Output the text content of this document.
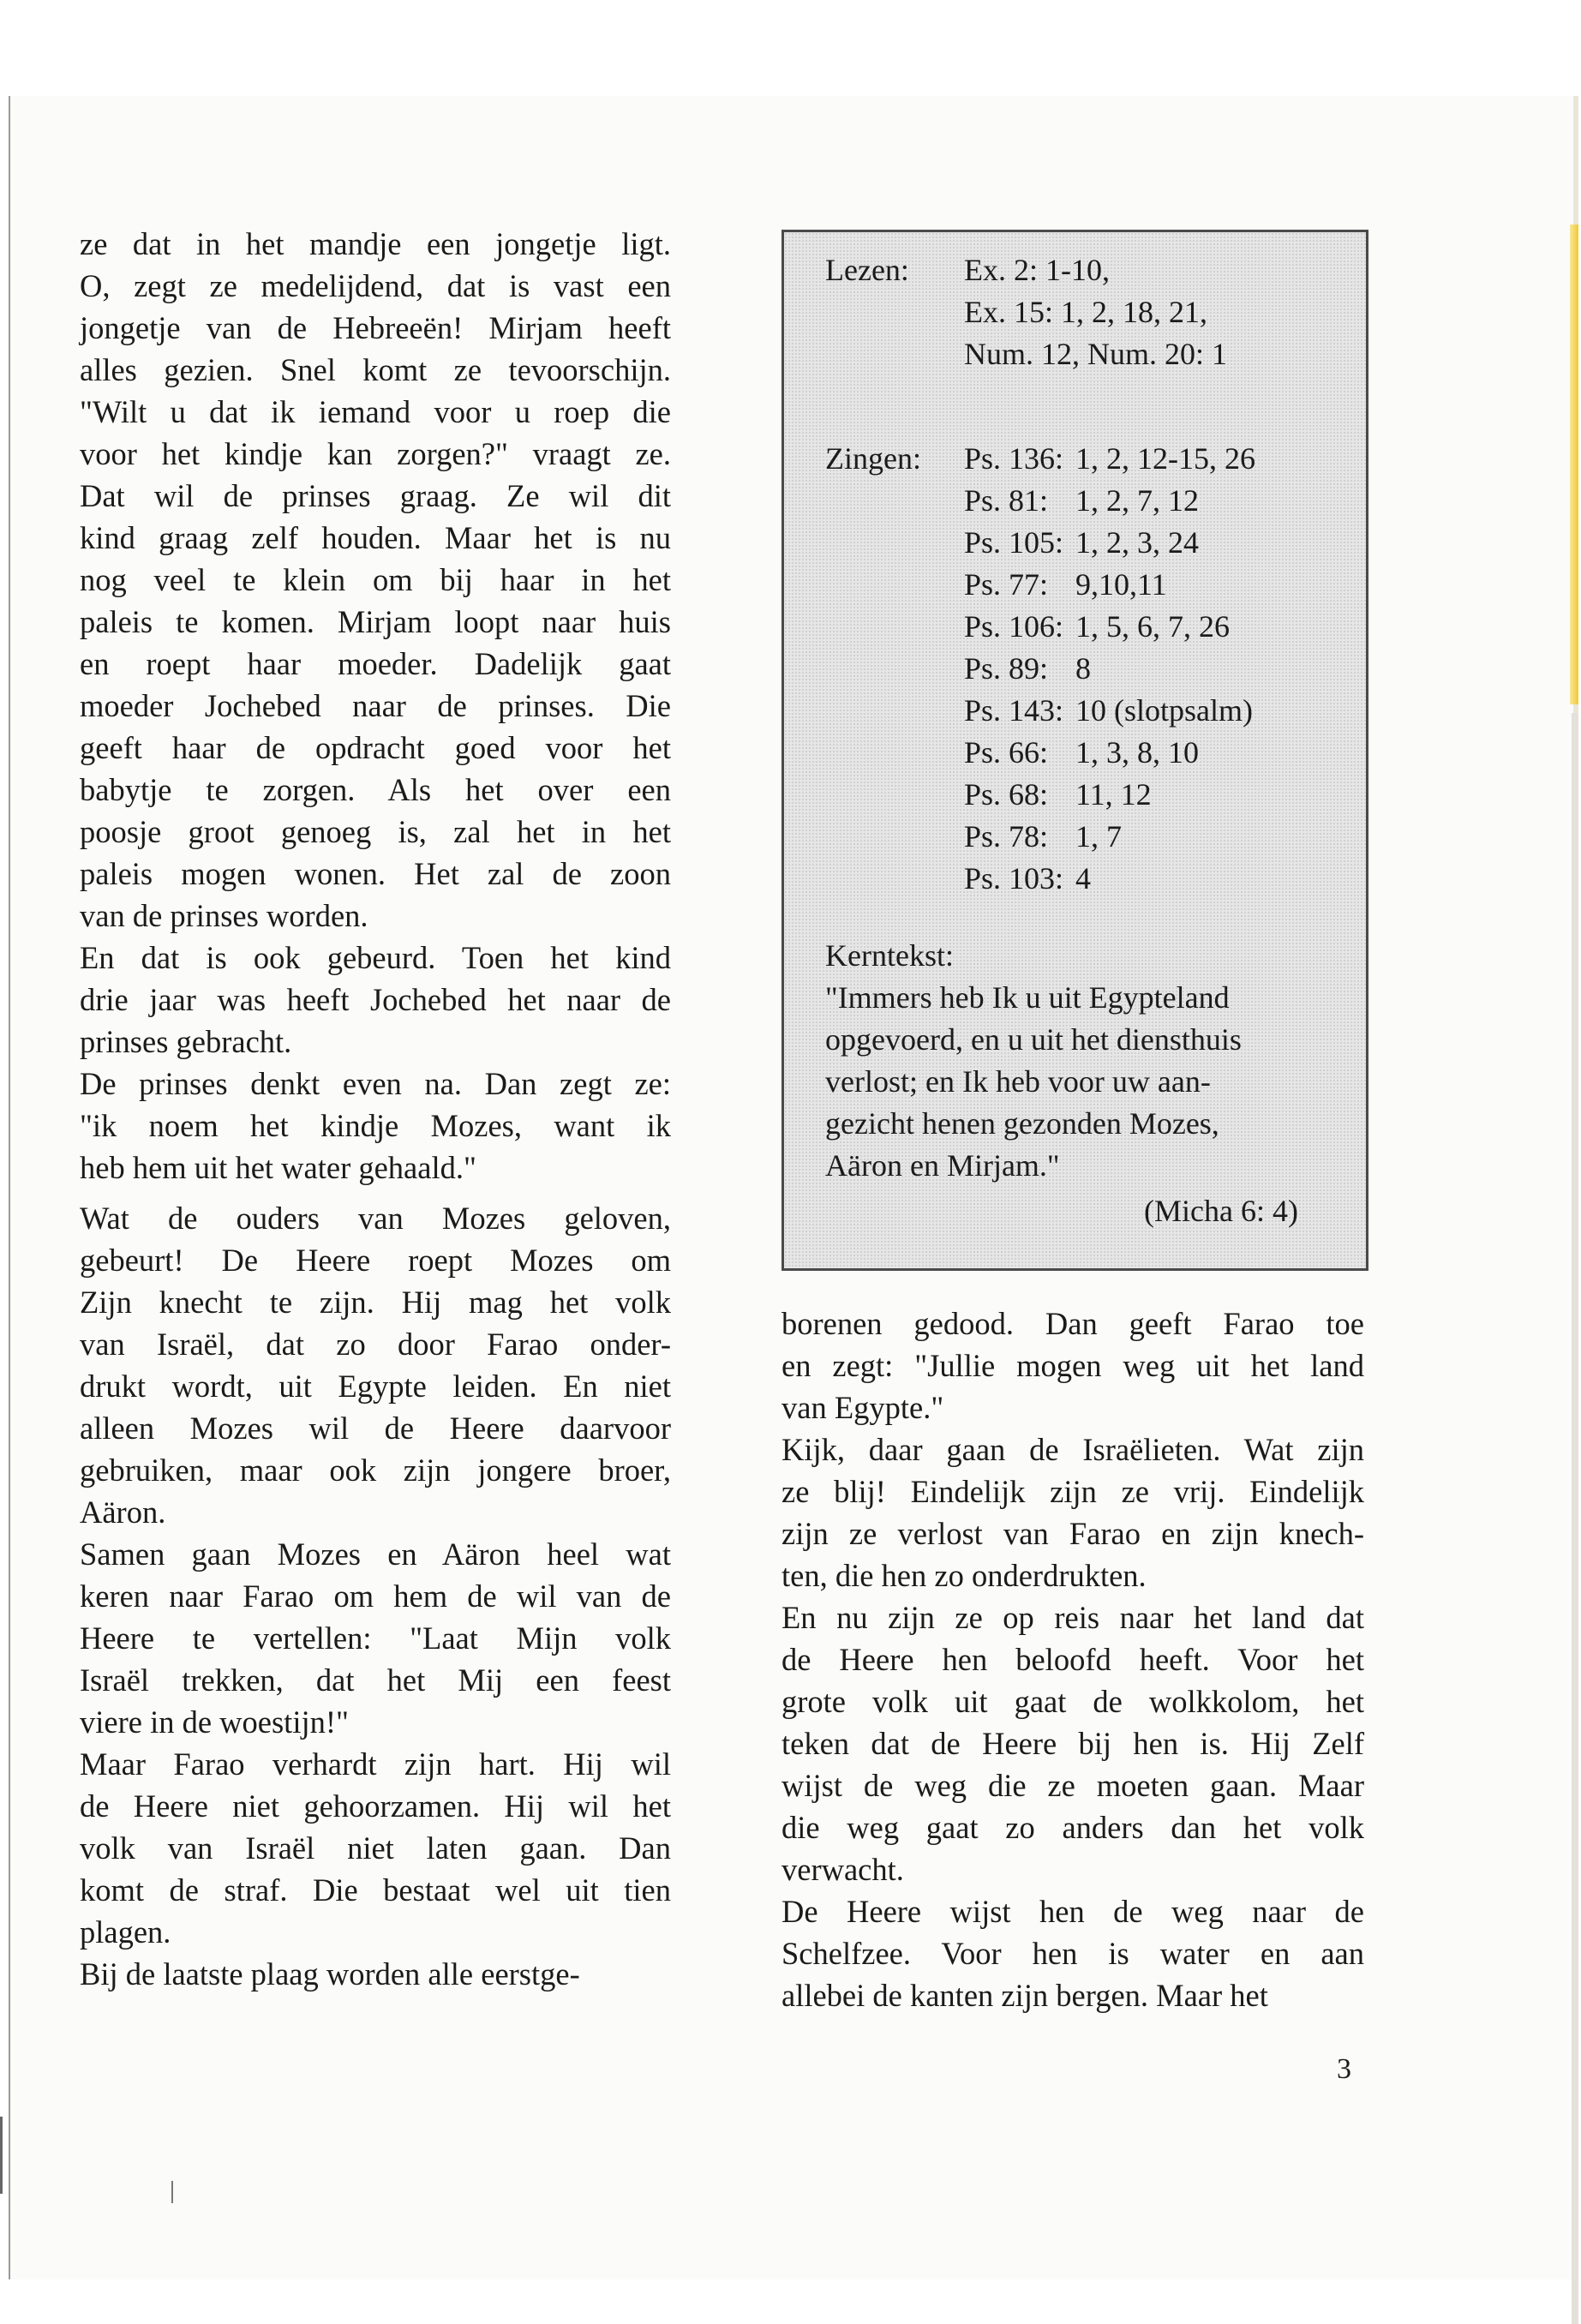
ze dat in het mandje een jongetje ligt.
O, zegt ze medelijdend, dat is vast een
jongetje van de Hebreeën! Mirjam heeft
alles gezien. Snel komt ze tevoorschijn.
"Wilt u dat ik iemand voor u roep die
voor het kindje kan zorgen?" vraagt ze.
Dat wil de prinses graag. Ze wil dit
kind graag zelf houden. Maar het is nu
nog veel te klein om bij haar in het
paleis te komen. Mirjam loopt naar huis
en roept haar moeder. Dadelijk gaat
moeder Jochebed naar de prinses. Die
geeft haar de opdracht goed voor het
babytje te zorgen. Als het over een
poosje groot genoeg is, zal het in het
paleis mogen wonen. Het zal de zoon
van de prinses worden.
En dat is ook gebeurd. Toen het kind
drie jaar was heeft Jochebed het naar de
prinses gebracht.
De prinses denkt even na. Dan zegt ze:
"ik noem het kindje Mozes, want ik
heb hem uit het water gehaald."
Wat de ouders van Mozes geloven,
gebeurt! De Heere roept Mozes om
Zijn knecht te zijn. Hij mag het volk
van Israël, dat zo door Farao onder-
drukt wordt, uit Egypte leiden. En niet
alleen Mozes wil de Heere daarvoor
gebruiken, maar ook zijn jongere broer,
Aäron.
Samen gaan Mozes en Aäron heel wat
keren naar Farao om hem de wil van de
Heere te vertellen: "Laat Mijn volk
Israël trekken, dat het Mij een feest
viere in de woestijn!"
Maar Farao verhardt zijn hart. Hij wil
de Heere niet gehoorzamen. Hij wil het
volk van Israël niet laten gaan. Dan
komt de straf. Die bestaat wel uit tien
plagen.
Bij de laatste plaag worden alle eerstge-
Lezen: Ex. 2: 1-10,
Ex. 15: 1, 2, 18, 21,
Num. 12, Num. 20: 1
Zingen: Ps. 136: 1, 2, 12-15, 26
Ps. 81: 1, 2, 7, 12
Ps. 105: 1, 2, 3, 24
Ps. 77: 9,10,11
Ps. 106: 1, 5, 6, 7, 26
Ps. 89: 8
Ps. 143: 10 (slotpsalm)
Ps. 66: 1, 3, 8, 10
Ps. 68: 11, 12
Ps. 78: 1, 7
Ps. 103: 4
Kerntekst:
"Immers heb Ik u uit Egypteland
opgevoerd, en u uit het diensthuis
verlost; en Ik heb voor uw aan-
gezicht henen gezonden Mozes,
Aäron en Mirjam."
(Micha 6: 4)
borenen gedood. Dan geeft Farao toe
en zegt: "Jullie mogen weg uit het land
van Egypte."
Kijk, daar gaan de Israëlieten. Wat zijn
ze blij! Eindelijk zijn ze vrij. Eindelijk
zijn ze verlost van Farao en zijn knech-
ten, die hen zo onderdrukten.
En nu zijn ze op reis naar het land dat
de Heere hen beloofd heeft. Voor het
grote volk uit gaat de wolkkolom, het
teken dat de Heere bij hen is. Hij Zelf
wijst de weg die ze moeten gaan. Maar
die weg gaat zo anders dan het volk
verwacht.
De Heere wijst hen de weg naar de
Schelfzee. Voor hen is water en aan
allebei de kanten zijn bergen. Maar het
3
